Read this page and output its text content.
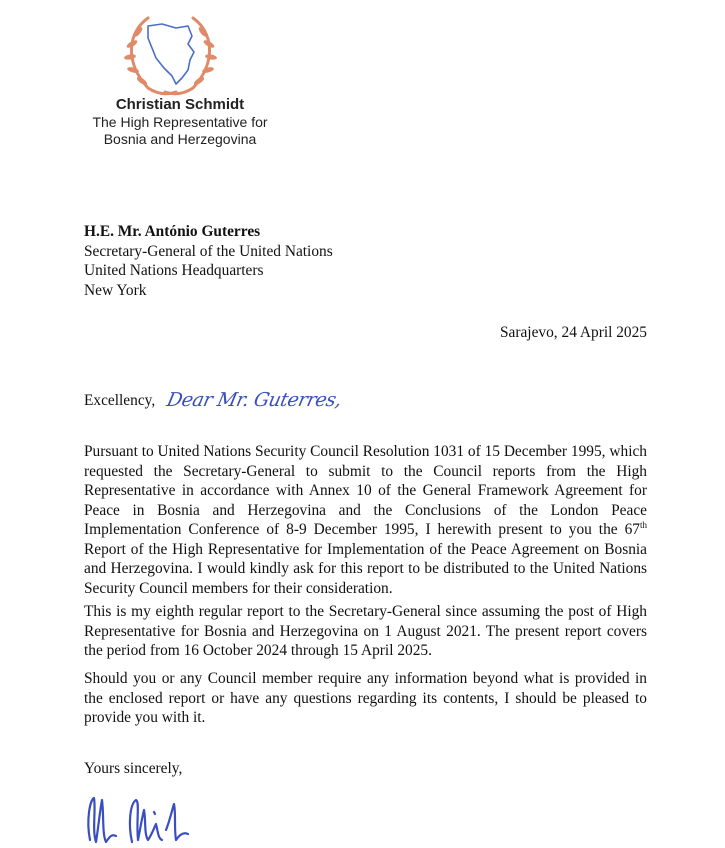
Christian Schmidt
The High Representative for
Bosnia and Herzegovina
H.E. Mr. António Guterres
Secretary-General of the United Nations
United Nations Headquarters
New York
Sarajevo, 24 April 2025
Excellency, Dear Mr. Guterres,
Pursuant to United Nations Security Council Resolution 1031 of 15 December 1995, which requested the Secretary-General to submit to the Council reports from the High Representative in accordance with Annex 10 of the General Framework Agreement for Peace in Bosnia and Herzegovina and the Conclusions of the London Peace Implementation Conference of 8-9 December 1995, I herewith present to you the 67th Report of the High Representative for Implementation of the Peace Agreement on Bosnia and Herzegovina. I would kindly ask for this report to be distributed to the United Nations Security Council members for their consideration.
This is my eighth regular report to the Secretary-General since assuming the post of High Representative for Bosnia and Herzegovina on 1 August 2021. The present report covers the period from 16 October 2024 through 15 April 2025.
Should you or any Council member require any information beyond what is provided in the enclosed report or have any questions regarding its contents, I should be pleased to provide you with it.
Yours sincerely,
